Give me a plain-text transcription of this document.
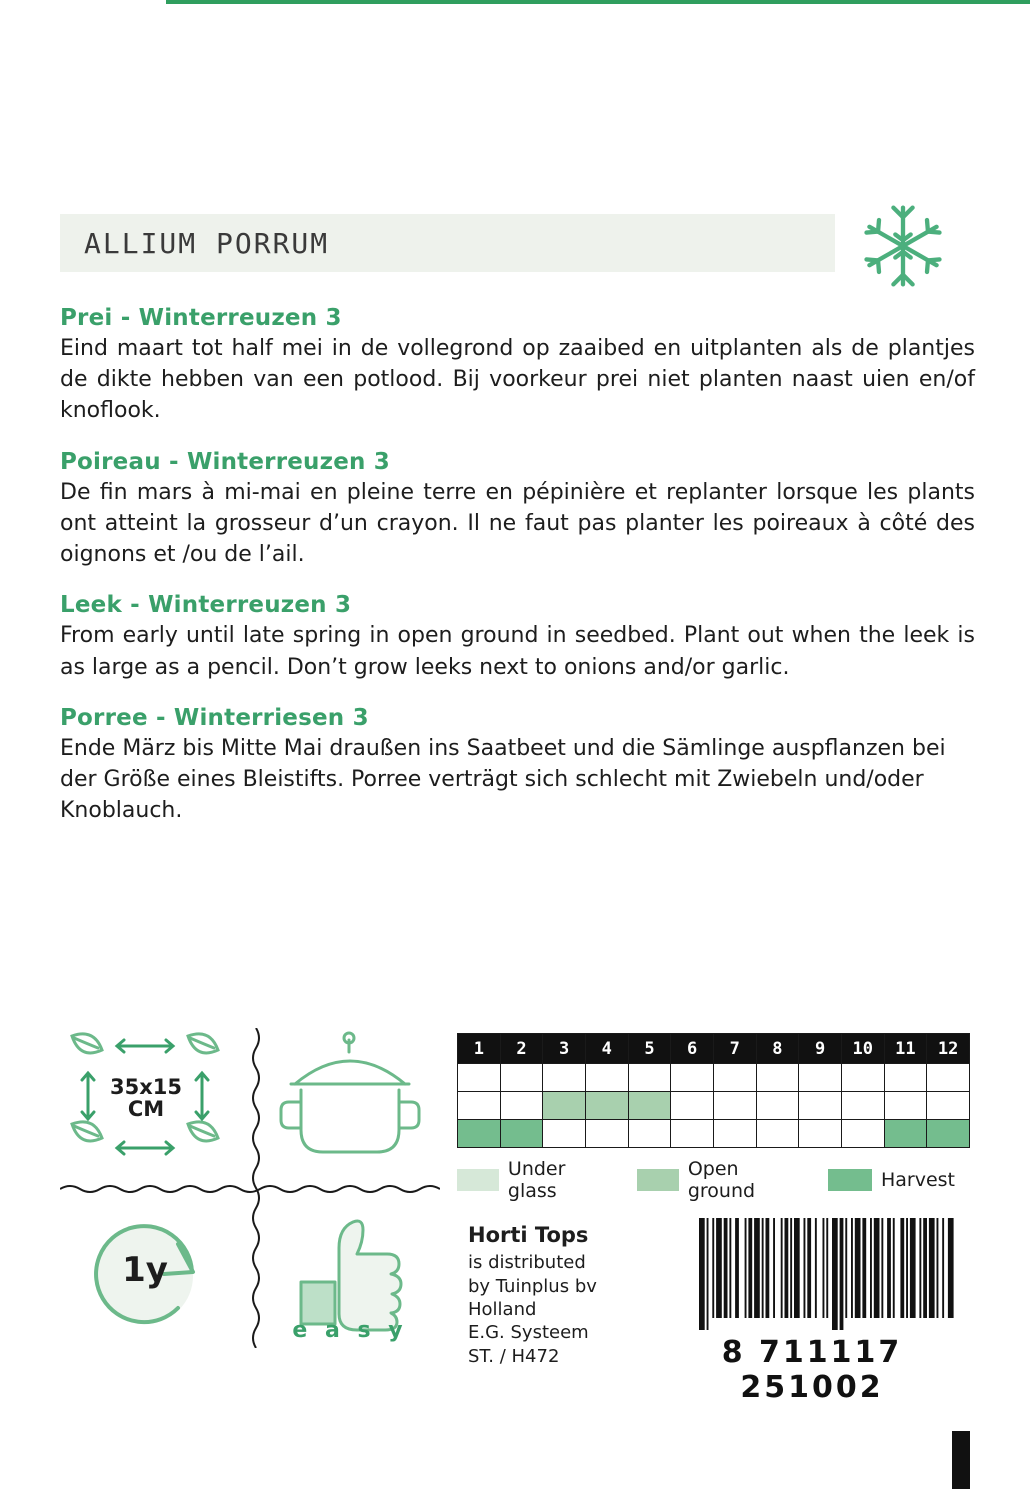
ALLIUM PORRUM
Prei - Winterreuzen 3

Eind maart tot half mei in de vollegrond op zaaibed en uitplanten als de plantjes de dikte hebben van een potlood. Bij voorkeur prei niet planten naast uien en/of knoflook.

Poireau - Winterreuzen 3

De fin mars à mi-mai en pleine terre en pépinière et replanter lorsque les plants ont atteint la grosseur d’un crayon. Il ne faut pas planter les poireaux à côté des oignons et /ou de l’ail.

Leek - Winterreuzen 3

From early until late spring in open ground in seedbed. Plant out when the leek is as large as a pencil. Don’t grow leeks next to onions and/or garlic.

Porree - Winterriesen 3

Ende März bis Mitte Mai draußen ins Saatbeet und die Sämlinge auspflanzen bei der Größe eines Bleistifts. Porree verträgt sich schlecht mit Zwiebeln und/oder Knoblauch.

35x15
CM
1y
e a s y
1	2	3	4	5	6	7	8	9	10	11	12

Under glass
Open ground	Harvest
Horti Tops
is distributed
by Tuinplus bv
Holland
E.G. Systeem
ST. / H472	8 711117 251002
